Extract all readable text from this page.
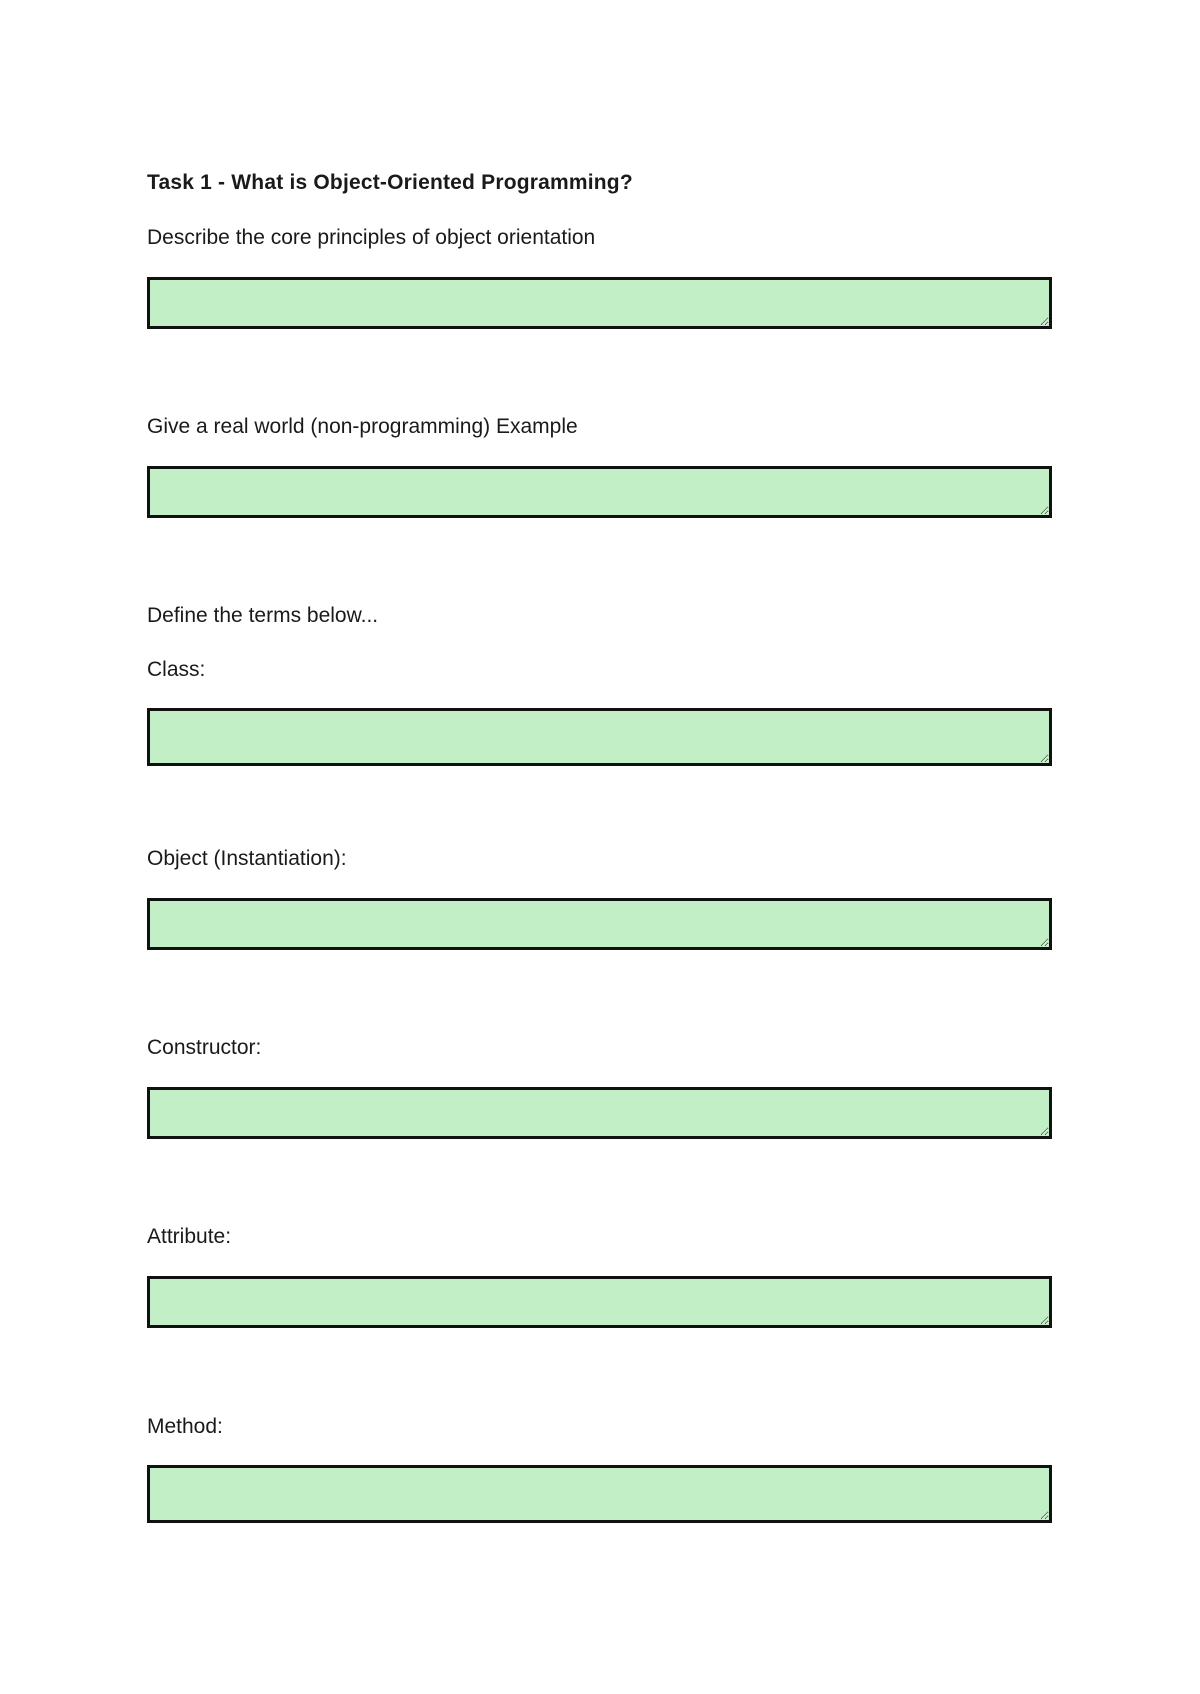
Task 1 - What is Object-Oriented Programming?
Describe the core principles of object orientation
Give a real world (non-programming) Example
Define the terms below...
Class:
Object (Instantiation):
Constructor:
Attribute:
Method:
